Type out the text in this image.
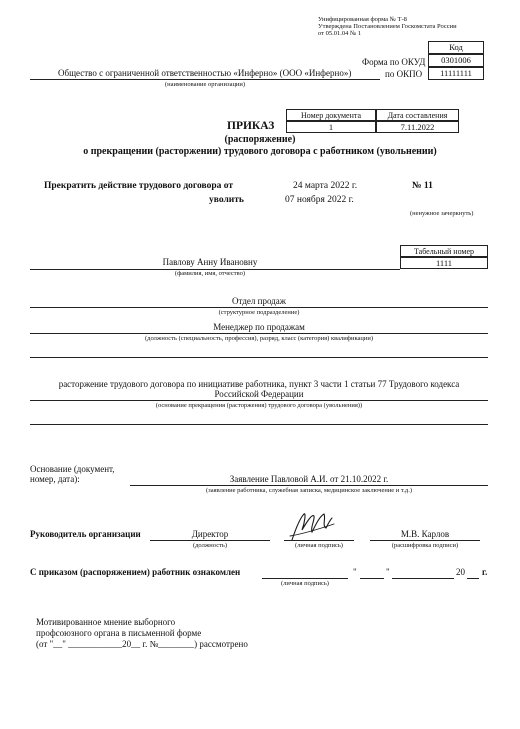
Унифицированная форма № Т-8
Утверждена Постановлением Госкомстата России
от 05.01.04 № 1
Код
Форма по ОКУД	0301006
по ОКПО	11111111
Общество с ограниченной ответственностью «Инферно» (ООО «Инферно»)
(наименование организации)
Номер документа	Дата составления
ПРИКАЗ	1	7.11.2022
(распоряжение)
о прекращении (расторжении) трудового договора с работником (увольнении)
Прекратить действие трудового договора от
уволить
24 марта 2022 г.
07 ноября 2022 г.
№ 11
(ненужное зачеркнуть)
Табельный номер
1111
Павлову Анну Ивановну
(фамилия, имя, отчество)
Отдел продаж
(структурное подразделение)
Менеджер по продажам
(должность (специальность, профессия), разряд, класс (категория) квалификации)
расторжение трудового договора по инициативе работника, пункт 3 части 1 статьи 77 Трудового кодекса
Российской Федерации
(основание прекращения (расторжения) трудового договора (увольнения))
Основание (документ,
номер, дата):	Заявление Павловой А.И. от 21.10.2022 г.
(заявление работника, служебная записка, медицинское заключение и т.д.)
Руководитель организации	Директор
(должность)	(личная подпись)
М.В. Карлов
(расшифровка подписи)
С приказом (распоряжением) работник ознакомлен
(личная подпись)
"	"	20 г.
Мотивированное мнение выборного
профсоюзного органа в письменной форме
(от "__" ____________20__ г. №________) рассмотрено
